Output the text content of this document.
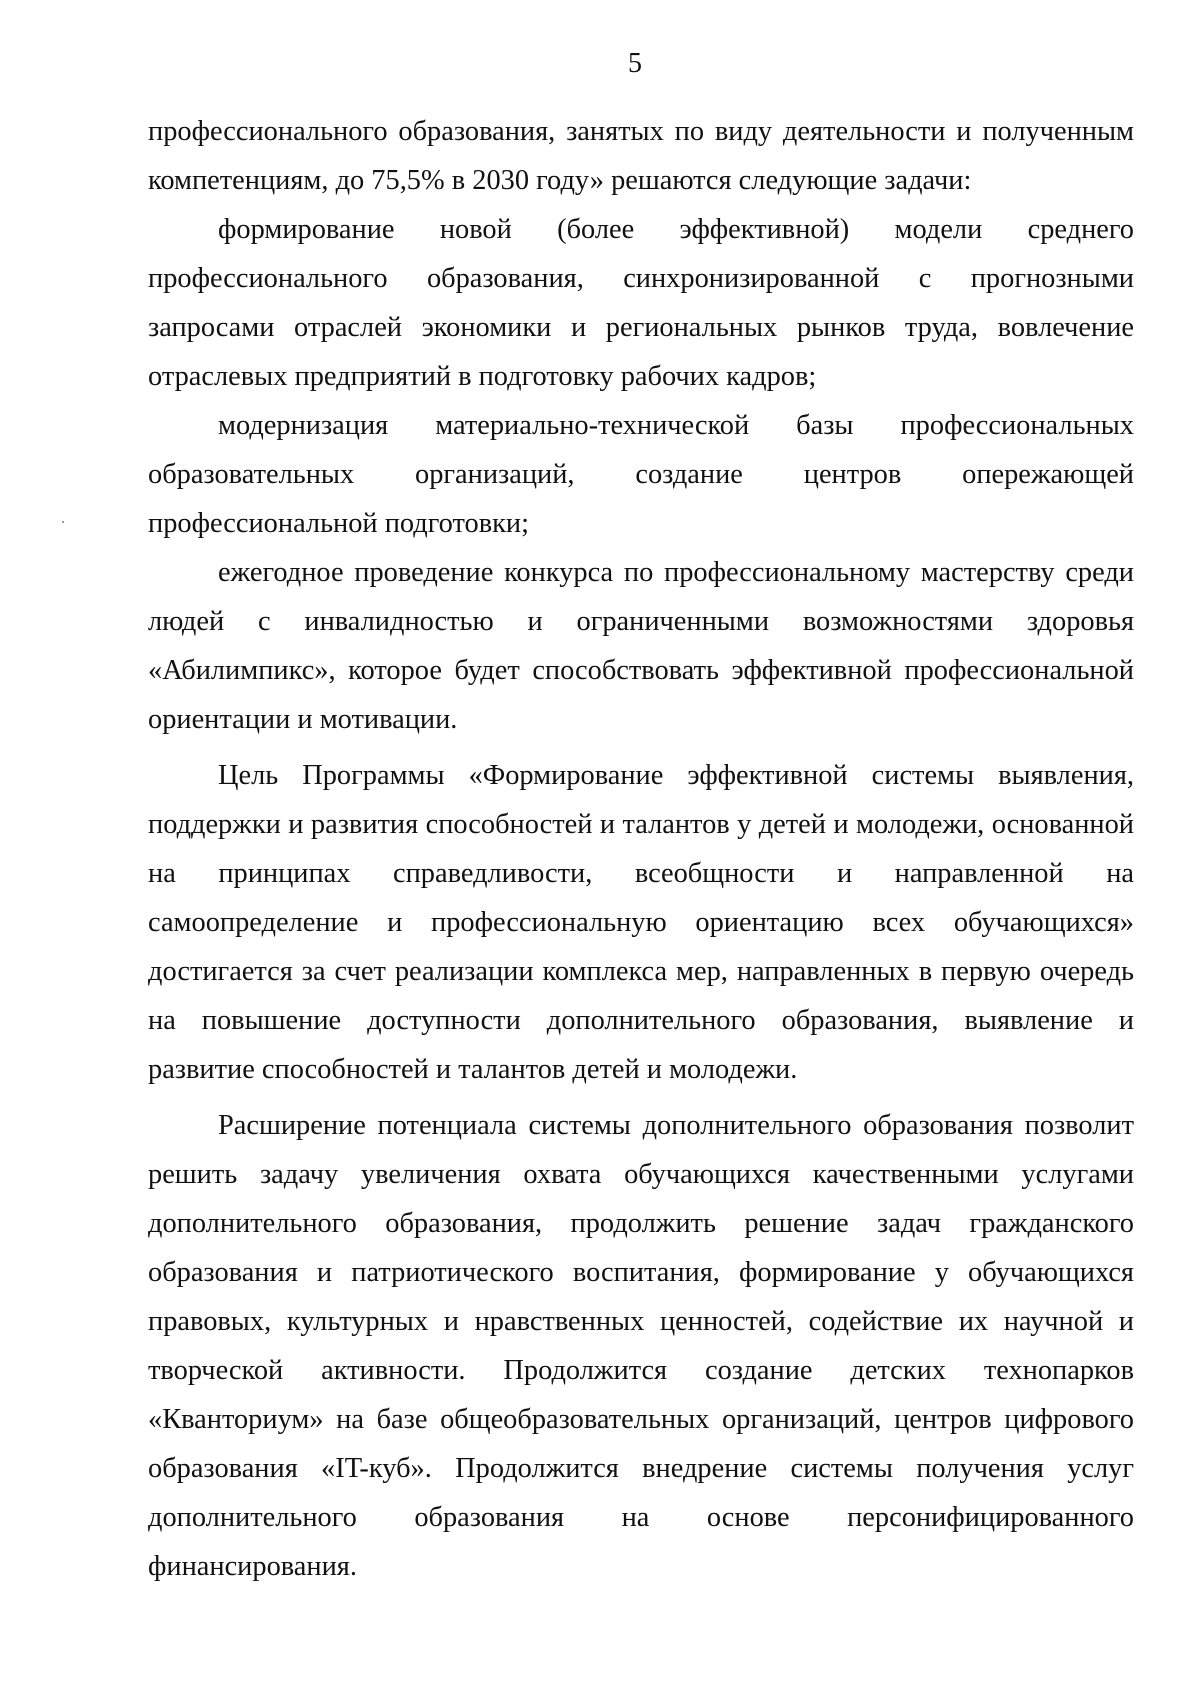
5

профессионального образования, занятых по виду деятельности и полученным компетенциям, до 75,5% в 2030 году» решаются следующие задачи:

формирование новой (более эффективной) модели среднего профессионального образования, синхронизированной с прогнозными запросами отраслей экономики и региональных рынков труда, вовлечение отраслевых предприятий в подготовку рабочих кадров;

модернизация материально-технической базы профессиональных образовательных организаций, создание центров опережающей профессиональной подготовки;

ежегодное проведение конкурса по профессиональному мастерству среди людей с инвалидностью и ограниченными возможностями здоровья «Абилимпикс», которое будет способствовать эффективной профессиональной ориентации и мотивации.

Цель Программы «Формирование эффективной системы выявления, поддержки и развития способностей и талантов у детей и молодежи, основанной на принципах справедливости, всеобщности и направленной на самоопределение и профессиональную ориентацию всех обучающихся» достигается за счет реализации комплекса мер, направленных в первую очередь на повышение доступности дополнительного образования, выявление и развитие способностей и талантов детей и молодежи.

Расширение потенциала системы дополнительного образования позволит решить задачу увеличения охвата обучающихся качественными услугами дополнительного образования, продолжить решение задач гражданского образования и патриотического воспитания, формирование у обучающихся правовых, культурных и нравственных ценностей, содействие их научной и творческой активности. Продолжится создание детских технопарков «Кванториум» на базе общеобразовательных организаций, центров цифрового образования «IT-куб». Продолжится внедрение системы получения услуг дополнительного образования на основе персонифицированного финансирования.
